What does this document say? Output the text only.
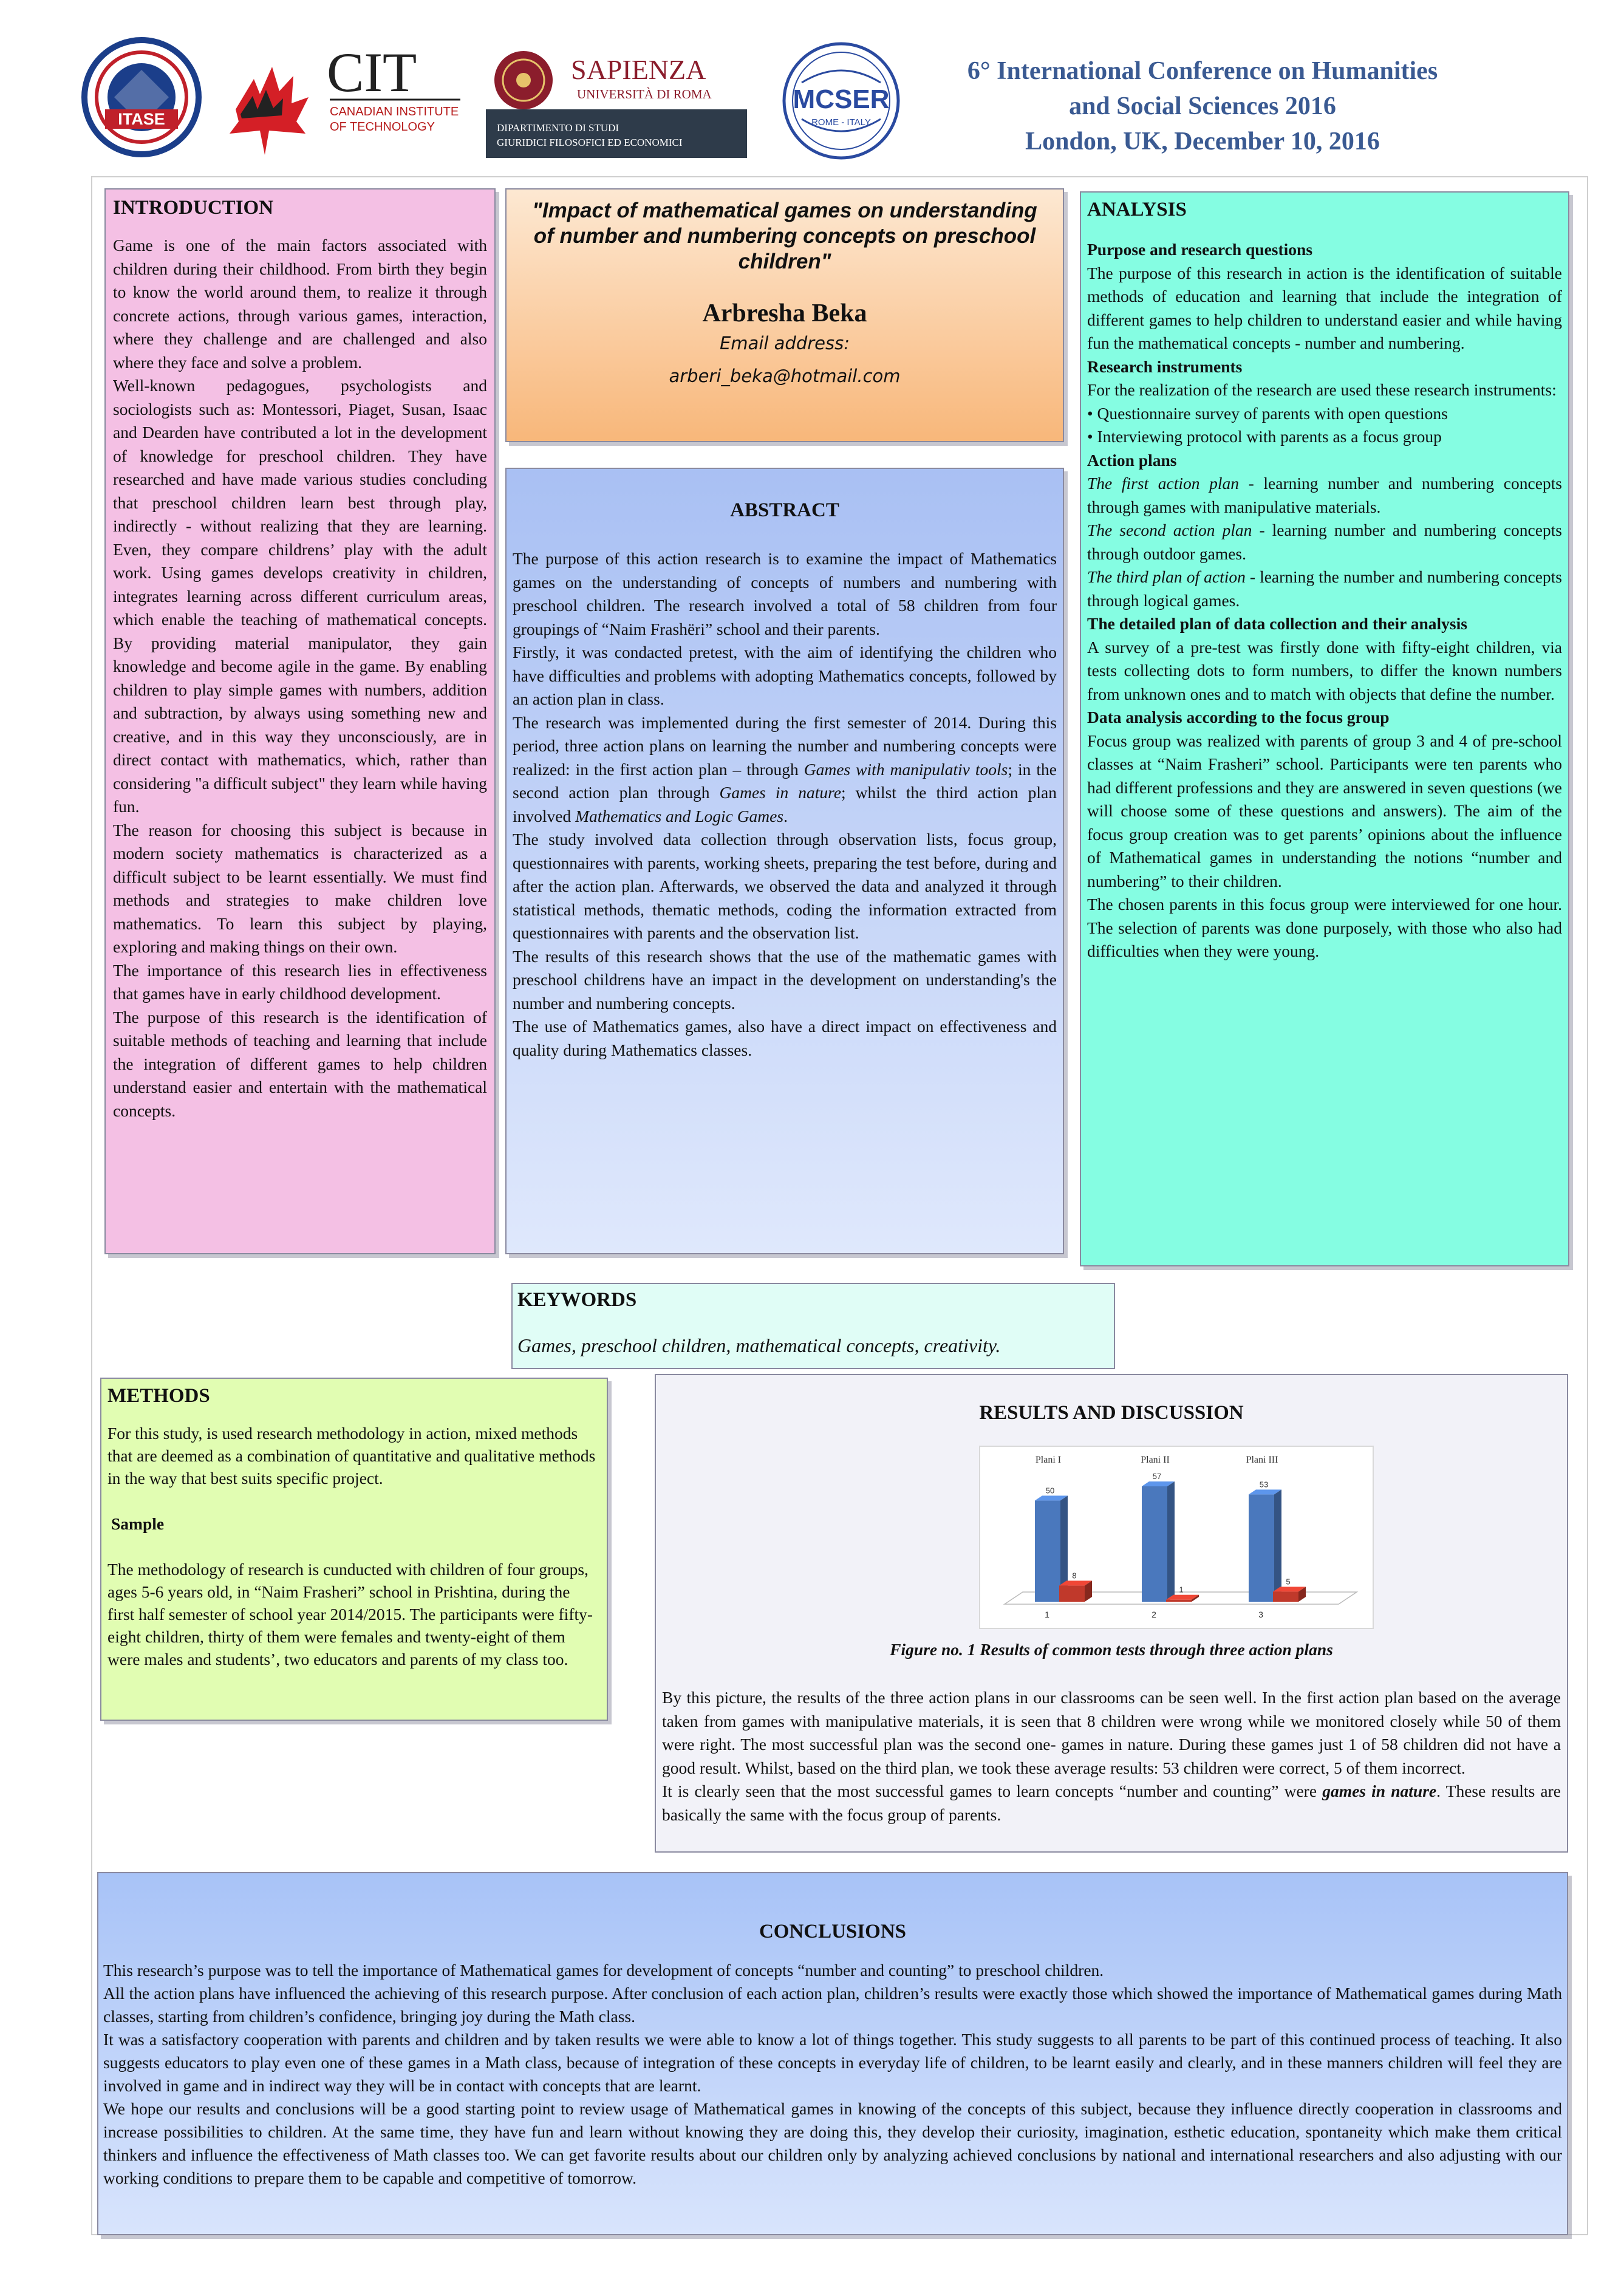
ITASE
CIT
CANADIAN INSTITUTE
OF TECHNOLOGY
SAPIENZA
UNIVERSITÀ DI ROMA
DIPARTIMENTO DI STUDI
GIURIDICI FILOSOFICI ED ECONOMICI
MCSER
ROME - ITALY
6° International Conference on Humanities
and Social Sciences 2016
London, UK, December 10, 2016
INTRODUCTION

Game is one of the main factors associated with children during their childhood. From birth they begin to know the world around them, to realize it through concrete actions, through various games, interaction, where they challenge and are challenged and also where they face and solve a problem.

Well-known pedagogues, psychologists and sociologists such as: Montessori, Piaget, Susan, Isaac and Dearden have contributed a lot in the development of knowledge for preschool children. They have researched and have made various studies concluding that preschool children learn best through play, indirectly - without realizing that they are learning. Even, they compare childrens’ play with the adult work. Using games develops creativity in children, integrates learning across different curriculum areas, which enable the teaching of mathematical concepts. By providing material manipulator, they gain knowledge and become agile in the game. By enabling children to play simple games with numbers, addition and subtraction, by always using something new and creative, and in this way they unconsciously, are in direct contact with mathematics, which, rather than considering "a difficult subject" they learn while having fun.

The reason for choosing this subject is because in modern society mathematics is characterized as a difficult subject to be learnt essentially. We must find methods and strategies to make children love mathematics. To learn this subject by playing, exploring and making things on their own.

The importance of this research lies in effectiveness that games have in early childhood development.

The purpose of this research is the identification of suitable methods of teaching and learning that include the integration of different games to help children understand easier and entertain with the mathematical concepts.

"Impact of mathematical games on understanding of number and numbering concepts on preschool children"
Arbresha Beka
Email address:
arberi_beka@hotmail.com
ABSTRACT

The purpose of this action research is to examine the impact of Mathematics games on the understanding of concepts of numbers and numbering with preschool children. The research involved a total of 58 children from four groupings of “Naim Frashëri” school and their parents.

Firstly, it was condacted pretest, with the aim of identifying the children who have difficulties and problems with adopting Mathematics concepts, followed by an action plan in class.

The research was implemented during the first semester of 2014. During this period, three action plans on learning the number and numbering concepts were realized: in the first action plan – through Games with manipulativ tools; in the second action plan through Games in nature; whilst the third action plan involved Mathematics and Logic Games.

The study involved data collection through observation lists, focus group, questionnaires with parents, working sheets, preparing the test before, during and after the action plan. Afterwards, we observed the data and analyzed it through statistical methods, thematic methods, coding the information extracted from questionnaires with parents and the observation list.

The results of this research shows that the use of the mathematic games with preschool childrens have an impact in the development on understanding's the number and numbering concepts.

The use of Mathematics games, also have a direct impact on effectiveness and quality during Mathematics classes.

ANALYSIS

Purpose and research questions

The purpose of this research in action is the identification of suitable methods of education and learning that include the integration of different games to help children to understand easier and while having fun the mathematical concepts - number and numbering.

Research instruments

For the realization of the research are used these research instruments:

• Questionnaire survey of parents with open questions

• Interviewing protocol with parents as a focus group

Action plans

The first action plan - learning number and numbering concepts through games with manipulative materials.

The second action plan - learning number and numbering concepts through outdoor games.

The third plan of action - learning the number and numbering concepts through logical games.

The detailed plan of data collection and their analysis

A survey of a pre-test was firstly done with fifty-eight children, via tests collecting dots to form numbers, to differ the known numbers from unknown ones and to match with objects that define the number.

Data analysis according to the focus group

Focus group was realized with parents of group 3 and 4 of pre-school classes at “Naim Frasheri” school. Participants were ten parents who had different professions and they are answered in seven questions (we will choose some of these questions and answers). The aim of the focus group creation was to get parents’ opinions about the influence of Mathematical games in understanding the notions “number and numbering” to their children.

The chosen parents in this focus group were interviewed for one hour. The selection of parents was done purposely, with those who also had difficulties when they were young.

KEYWORDS
Games, preschool children, mathematical concepts, creativity.
METHODS

For this study, is used research methodology in action, mixed methods that are deemed as a combination of quantitative and qualitative methods in the way that best suits specific project.

Sample

The methodology of research is cunducted with children of four groups, ages 5-6 years old, in “Naim Frasheri” school in Prishtina, during the first half semester of school year 2014/2015. The participants were fifty-eight children, thirty of them were females and twenty-eight of them were males and students’, two educators and parents of my class too.

RESULTS AND DISCUSSION
Plani I
1
50
8
Plani II
2
57
1
Plani III
3
53
5
Figure no. 1 Results of common tests through three action plans

By this picture, the results of the three action plans in our classrooms can be seen well. In the first action plan based on the average taken from games with manipulative materials, it is seen that 8 children were wrong while we monitored closely while 50 of them were right. The most successful plan was the second one- games in nature. During these games just 1 of 58 children did not have a good result. Whilst, based on the third plan, we took these average results: 53 children were correct, 5 of them incorrect.

It is clearly seen that the most successful games to learn concepts “number and counting” were games in nature. These results are basically the same with the focus group of parents.

CONCLUSIONS

This research’s purpose was to tell the importance of Mathematical games for development of concepts “number and counting” to preschool children.

All the action plans have influenced the achieving of this research purpose. After conclusion of each action plan, children’s results were exactly those which showed the importance of Mathematical games during Math classes, starting from children’s confidence, bringing joy during the Math class.

It was a satisfactory cooperation with parents and children and by taken results we were able to know a lot of things together. This study suggests to all parents to be part of this continued process of teaching. It also suggests educators to play even one of these games in a Math class, because of integration of these concepts in everyday life of children, to be learnt easily and clearly, and in these manners children will feel they are involved in game and in indirect way they will be in contact with concepts that are learnt.

We hope our results and conclusions will be a good starting point to review usage of Mathematical games in knowing of the concepts of this subject, because they influence directly cooperation in classrooms and increase possibilities to children. At the same time, they have fun and learn without knowing they are doing this, they develop their curiosity, imagination, esthetic education, spontaneity which make them critical thinkers and influence the effectiveness of Math classes too. We can get favorite results about our children only by analyzing achieved conclusions by national and international researchers and also adjusting with our working conditions to prepare them to be capable and competitive of tomorrow.
